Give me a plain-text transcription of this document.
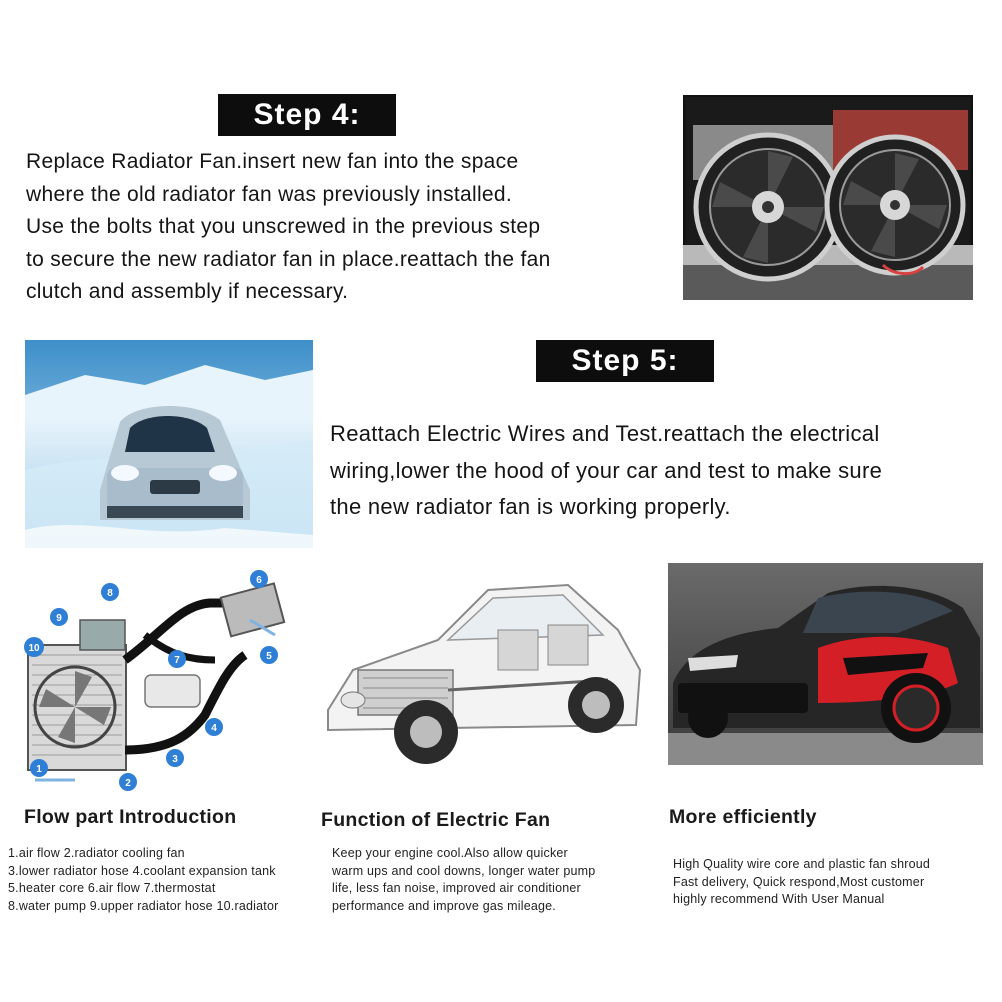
Step 4:
Replace Radiator Fan.insert new fan into the space
where the old radiator fan was previously installed.
Use the bolts that you unscrewed in the previous step
to secure the new radiator fan in place.reattach the fan
clutch and assembly if necessary.
Step 5:
Reattach Electric Wires and Test.reattach the electrical
wiring,lower the hood of your car and test to make sure
the new radiator fan is working properly.
1
2
3
4
5
6
7
8
9
10
Flow part Introduction	Function of Electric Fan	More efficiently
1.air flow 2.radiator cooling fan
3.lower radiator hose 4.coolant expansion tank
5.heater core 6.air flow 7.thermostat
8.water pump 9.upper radiator hose 10.radiator
Keep your engine cool.Also allow quicker
warm ups and cool downs, longer water pump
life, less fan noise, improved air conditioner
performance and improve gas mileage.
High Quality wire core and plastic fan shroud
Fast delivery, Quick respond,Most customer
highly recommend With User Manual
